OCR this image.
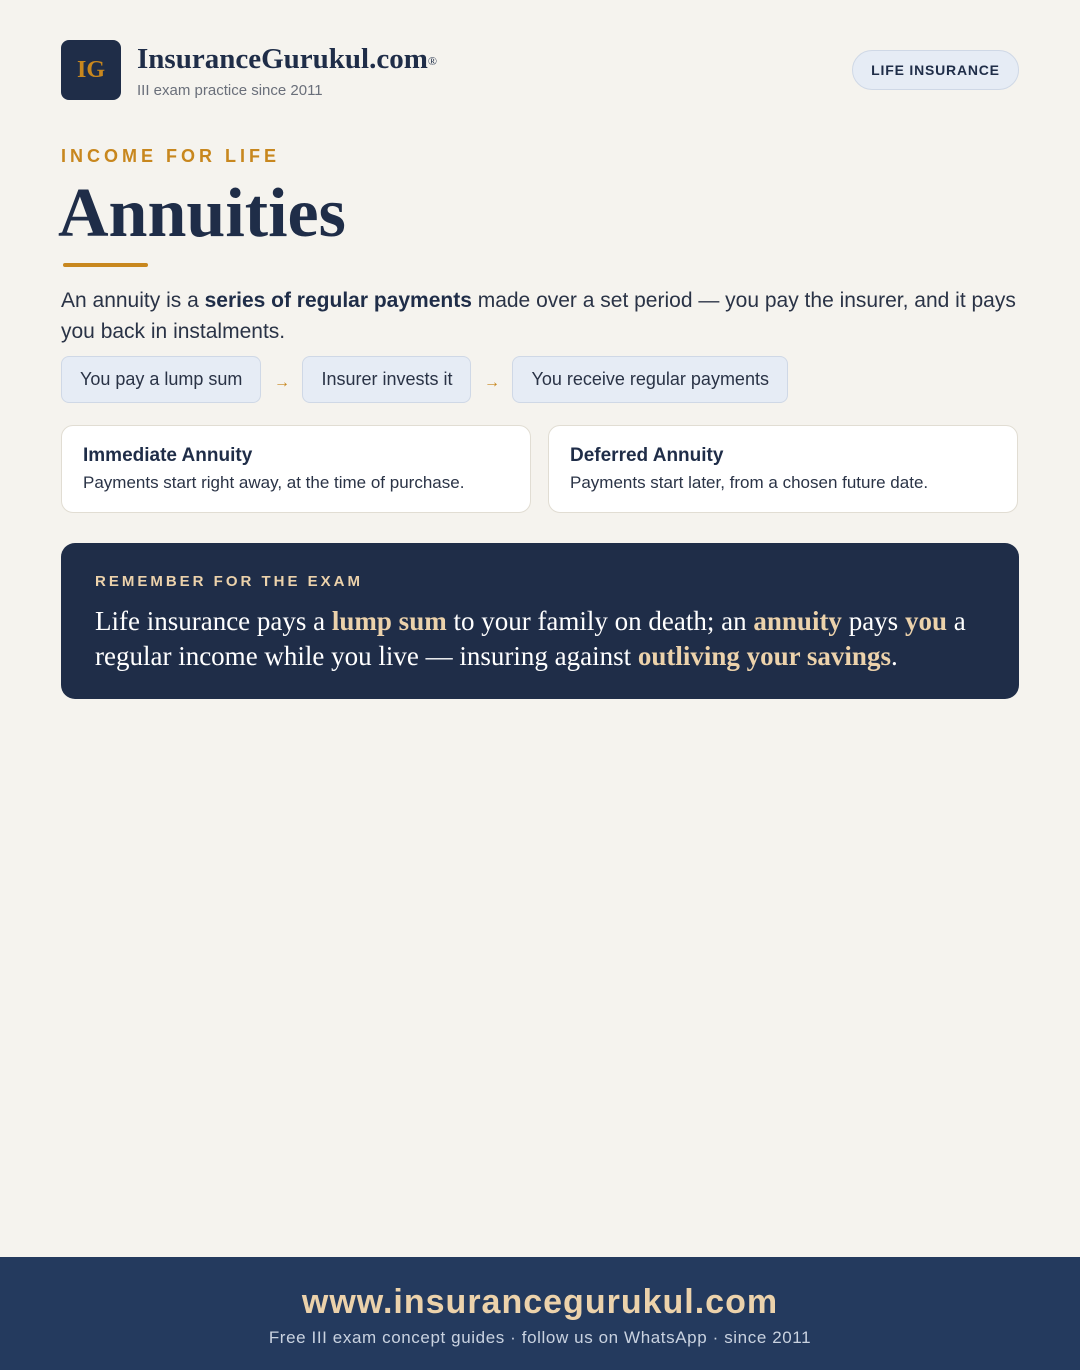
IG InsuranceGurukul.com®
III exam practice since 2011
LIFE INSURANCE
INCOME FOR LIFE
Annuities

An annuity is a series of regular payments made over a set period — you pay the insurer, and it pays you back in instalments.

You pay a lump sum	→	Insurer invests it	→	You receive regular payments
Immediate Annuity
Payments start right away, at the time of purchase.
Deferred Annuity
Payments start later, from a chosen future date.
REMEMBER FOR THE EXAM
Life insurance pays a lump sum to your family on death; an annuity pays you a regular income while you live — insuring against outliving your savings.
www.insurancegurukul.com
Free III exam concept guides · follow us on WhatsApp · since 2011
